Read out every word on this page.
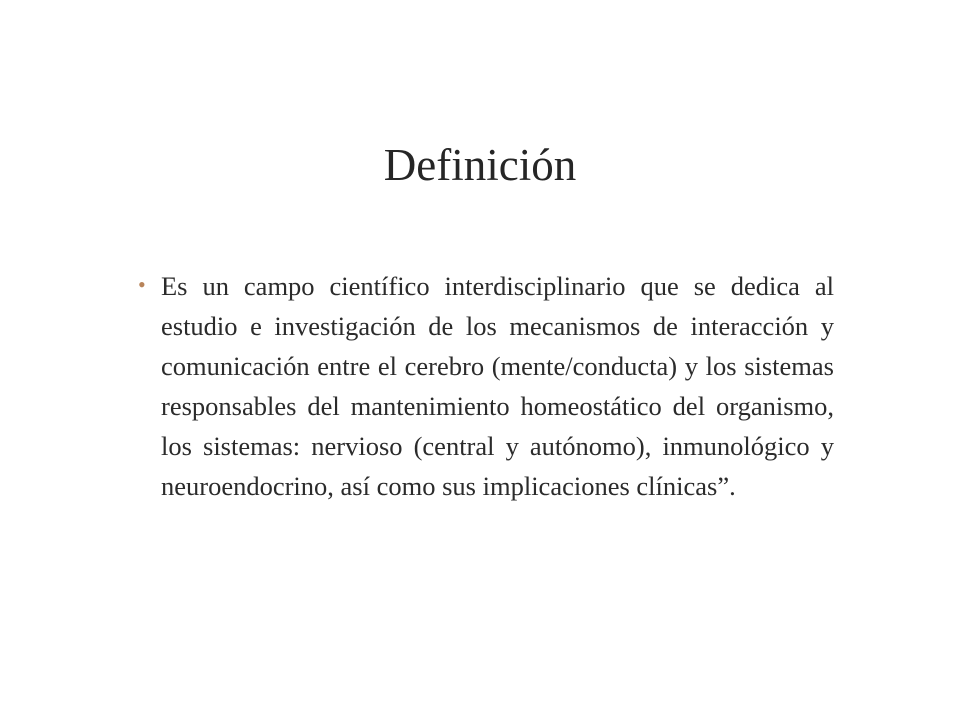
Definición
• Es un campo científico interdisciplinario que se dedica al estudio e investigación de los mecanismos de interacción y comunicación entre el cerebro (mente/conducta) y los sistemas responsables del mantenimiento homeostático del organismo, los sistemas: nervioso (central y autónomo), inmunológico y neuroendocrino, así como sus implicaciones clínicas”.
